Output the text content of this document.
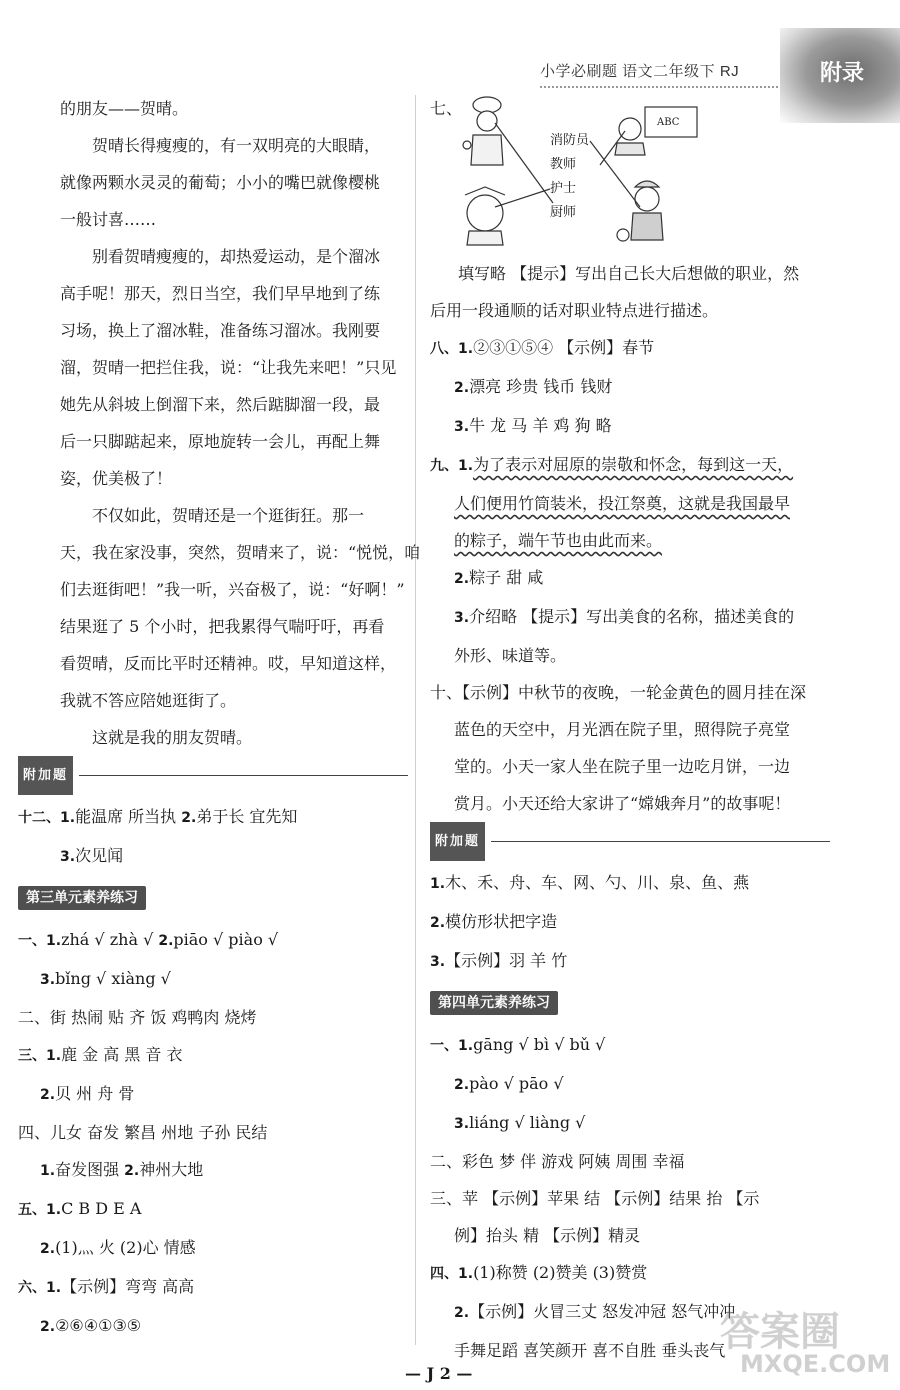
小学必刷题 语文二年级下 RJ	附录

的朋友——贺晴。

贺晴长得瘦瘦的，有一双明亮的大眼睛，

就像两颗水灵灵的葡萄；小小的嘴巴就像樱桃

一般讨喜……

别看贺晴瘦瘦的，却热爱运动，是个溜冰

高手呢！那天，烈日当空，我们早早地到了练

习场，换上了溜冰鞋，准备练习溜冰。我刚要

溜，贺晴一把拦住我，说：“让我先来吧！”只见

她先从斜坡上倒溜下来，然后踮脚溜一段，最

后一只脚踮起来，原地旋转一会儿，再配上舞

姿，优美极了！

不仅如此，贺晴还是一个逛街狂。那一

天，我在家没事，突然，贺晴来了，说：“悦悦，咱

们去逛街吧！”我一听，兴奋极了，说：“好啊！”

结果逛了 5 个小时，把我累得气喘吁吁，再看

看贺晴，反而比平时还精神。哎，早知道这样，

我就不答应陪她逛街了。

这就是我的朋友贺晴。

附加题

十二、1.能温席 所当执 2.弟于长 宜先知

3.次见闻

第三单元素养练习

一、1.zhá √ zhà √ 2.piāo √ piào √

3.bǐng √ xiàng √

二、街 热闹 贴 齐 饭 鸡鸭肉 烧烤

三、1.鹿 金 高 黑 音 衣

2.贝 州 舟 骨

四、儿女 奋发 繁昌 州地 子孙 民结

1.奋发图强 2.神州大地

五、1.C B D E A

2.(1)灬 火 (2)心 情感

六、1.【示例】弯弯 高高

2.②⑥④①③⑤

七、

填写略 【提示】写出自己长大后想做的职业，然

后用一段通顺的话对职业特点进行描述。

八、1.②③①⑤④ 【示例】春节

2.漂亮 珍贵 钱币 钱财

3.牛 龙 马 羊 鸡 狗 略

九、1.为了表示对屈原的崇敬和怀念，每到这一天，

人们便用竹筒装米，投江祭奠，这就是我国最早

的粽子，端午节也由此而来。

2.粽子 甜 咸

3.介绍略 【提示】写出美食的名称，描述美食的

外形、味道等。

十、【示例】中秋节的夜晚，一轮金黄色的圆月挂在深

蓝色的天空中，月光洒在院子里，照得院子亮堂

堂的。小天一家人坐在院子里一边吃月饼，一边

赏月。小天还给大家讲了“嫦娥奔月”的故事呢！

附加题

1.木、禾、舟、车、网、勺、川、泉、鱼、燕

2.模仿形状把字造

3.【示例】羽 羊 竹

第四单元素养练习

一、1.gāng √ bì √ bǔ √

2.pào √ pāo √

3.liáng √ liàng √

二、彩色 梦 伴 游戏 阿姨 周围 幸福

三、苹 【示例】苹果 结 【示例】结果 抬 【示

例】抬头 精 【示例】精灵

四、1.(1)称赞 (2)赞美 (3)赞赏

2.【示例】火冒三丈 怒发冲冠 怒气冲冲

手舞足蹈 喜笑颜开 喜不自胜 垂头丧气

ABC
消防员
教师
护士
厨师
— J 2 —
答案圈
MXQE.COM
